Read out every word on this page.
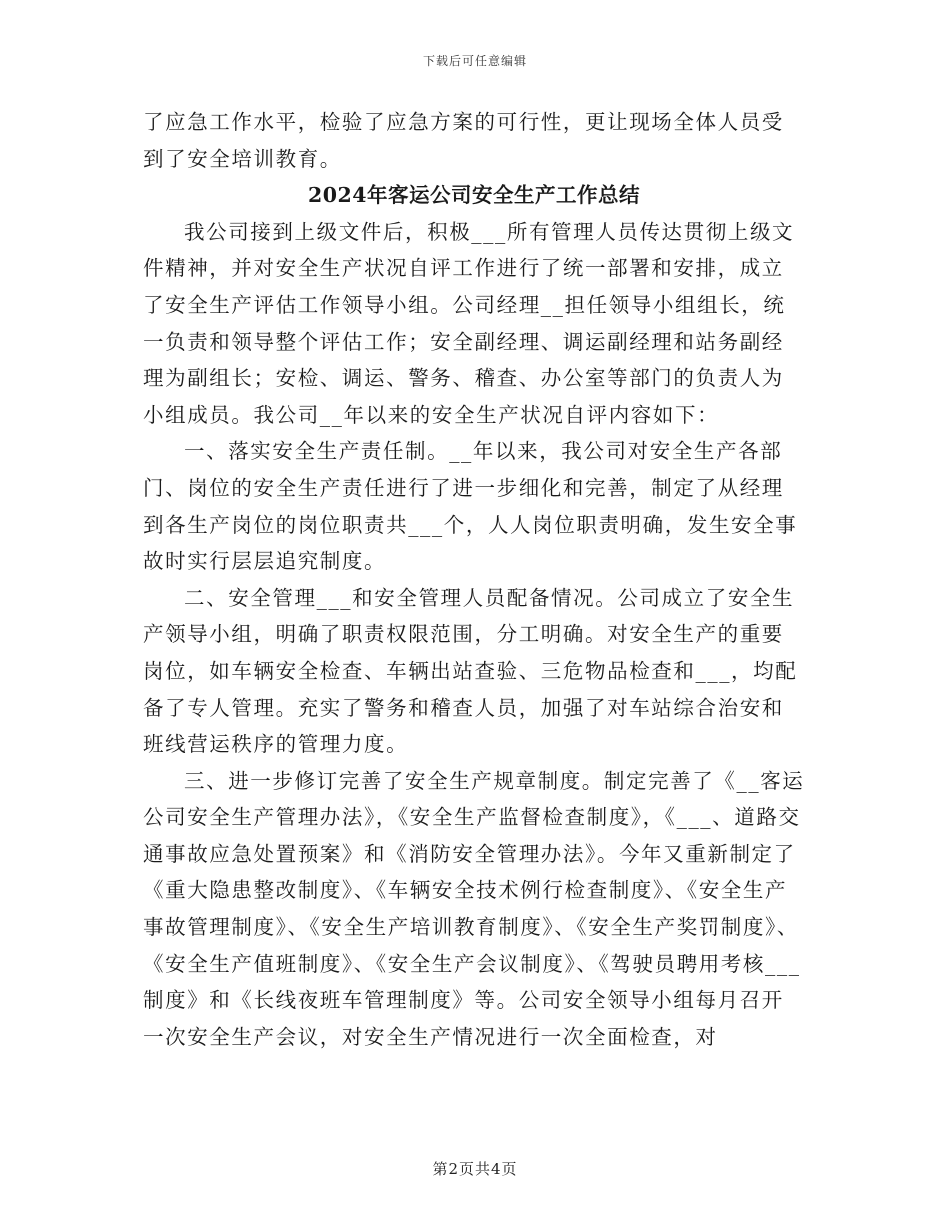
下载后可任意编辑

了应急工作水平，检验了应急方案的可行性，更让现场全体人员受到了安全培训教育。

2024年客运公司安全生产工作总结

我公司接到上级文件后，积极___所有管理人员传达贯彻上级文件精神，并对安全生产状况自评工作进行了统一部署和安排，成立了安全生产评估工作领导小组。公司经理__担任领导小组组长，统一负责和领导整个评估工作；安全副经理、调运副经理和站务副经理为副组长；安检、调运、警务、稽查、办公室等部门的负责人为小组成员。我公司__年以来的安全生产状况自评内容如下：

一、落实安全生产责任制。__年以来，我公司对安全生产各部门、岗位的安全生产责任进行了进一步细化和完善，制定了从经理到各生产岗位的岗位职责共___个，人人岗位职责明确，发生安全事故时实行层层追究制度。

二、安全管理___和安全管理人员配备情况。公司成立了安全生产领导小组，明确了职责权限范围，分工明确。对安全生产的重要岗位，如车辆安全检查、车辆出站查验、三危物品检查和___，均配备了专人管理。充实了警务和稽查人员，加强了对车站综合治安和班线营运秩序的管理力度。

三、进一步修订完善了安全生产规章制度。制定完善了《__客运公司安全生产管理办法》，《安全生产监督检查制度》，《___、道路交通事故应急处置预案》和《消防安全管理办法》。今年又重新制定了《重大隐患整改制度》、《车辆安全技术例行检查制度》、《安全生产事故管理制度》、《安全生产培训教育制度》、《安全生产奖罚制度》、《安全生产值班制度》、《安全生产会议制度》、《驾驶员聘用考核___制度》和《长线夜班车管理制度》等。公司安全领导小组每月召开一次安全生产会议，对安全生产情况进行一次全面检查，对

第2页共4页
